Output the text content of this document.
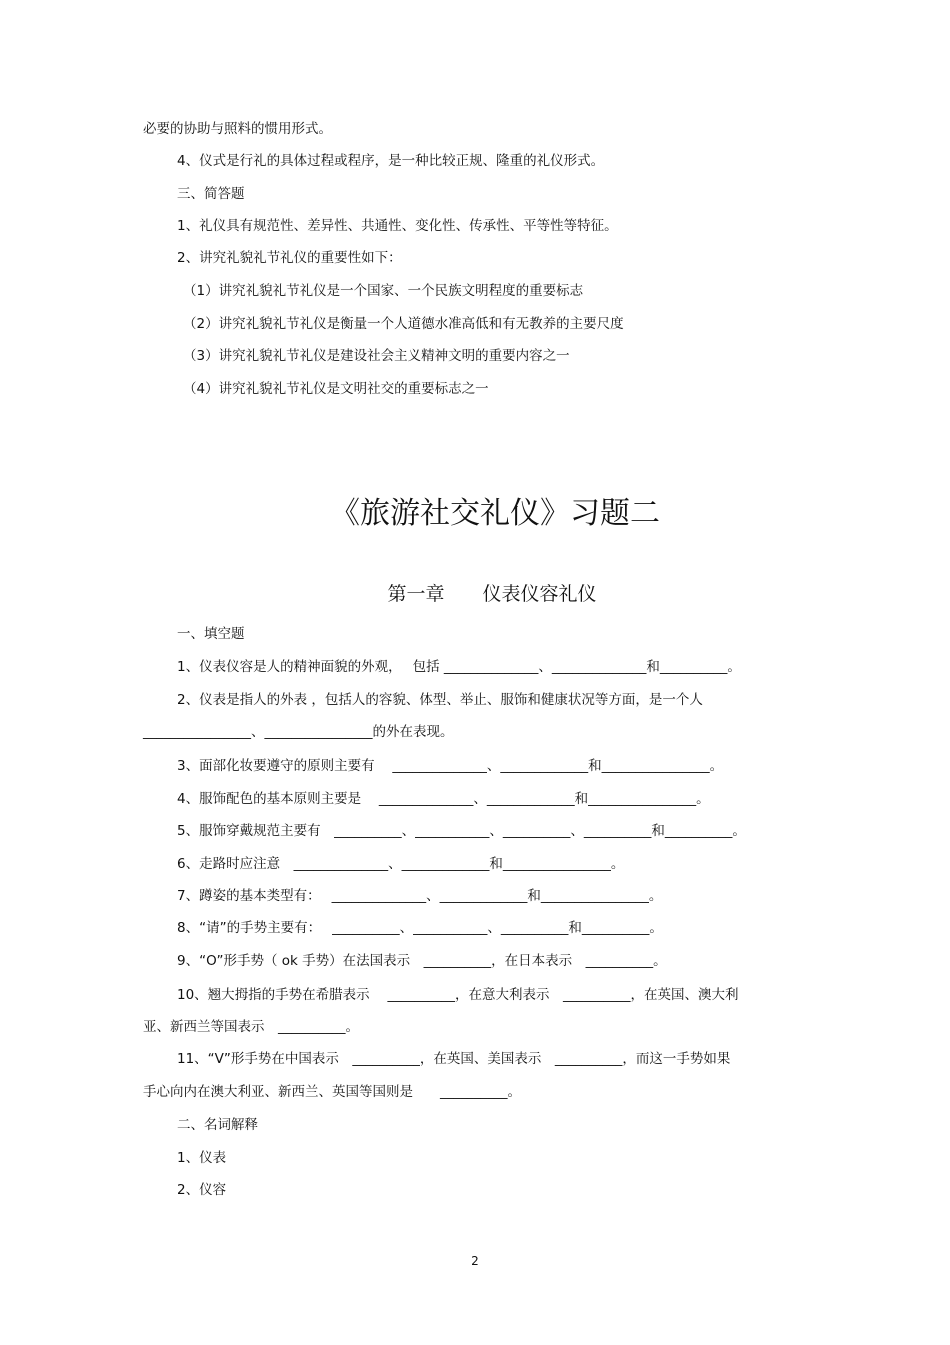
必要的协助与照料的惯用形式。

4、仪式是行礼的具体过程或程序，是一种比较正规、隆重的礼仪形式。

三、简答题

1、礼仪具有规范性、差异性、共通性、变化性、传承性、平等性等特征。

2、讲究礼貌礼节礼仪的重要性如下：

（1）讲究礼貌礼节礼仪是一个国家、一个民族文明程度的重要标志

（2）讲究礼貌礼节礼仪是衡量一个人道德水准高低和有无教养的主要尺度

（3）讲究礼貌礼节礼仪是建设社会主义精神文明的重要内容之一

（4）讲究礼貌礼节礼仪是文明社交的重要标志之一

《旅游社交礼仪》习题二
第一章　　仪表仪容礼仪

一、填空题

1、仪表仪容是人的精神面貌的外观，　 包括 ______________、______________和__________。

2、仪表是指人的外表 ，包括人的容貌、体型、举止、服饰和健康状况等方面，是一个人

________________、________________的外在表现。

3、面部化妆要遵守的原则主要有　 ______________、_____________和________________。

4、服饰配色的基本原则主要是　 ______________、_____________和________________。

5、服饰穿戴规范主要有　__________、___________、__________、__________和__________。

6、走路时应注意　______________、_____________和________________。

7、蹲姿的基本类型有：　 ______________、_____________和________________。

8、“请”的手势主要有：　 __________、___________、__________和__________。

9、“O”形手势（ ok 手势）在法国表示　__________，在日本表示　__________。

10、翘大拇指的手势在希腊表示　 __________，在意大利表示　__________，在英国、澳大利

亚、新西兰等国表示　__________。

11、“V”形手势在中国表示　__________，在英国、美国表示　__________，而这一手势如果

手心向内在澳大利亚、新西兰、英国等国则是　　__________。

二、名词解释

1、仪表

2、仪容

2
